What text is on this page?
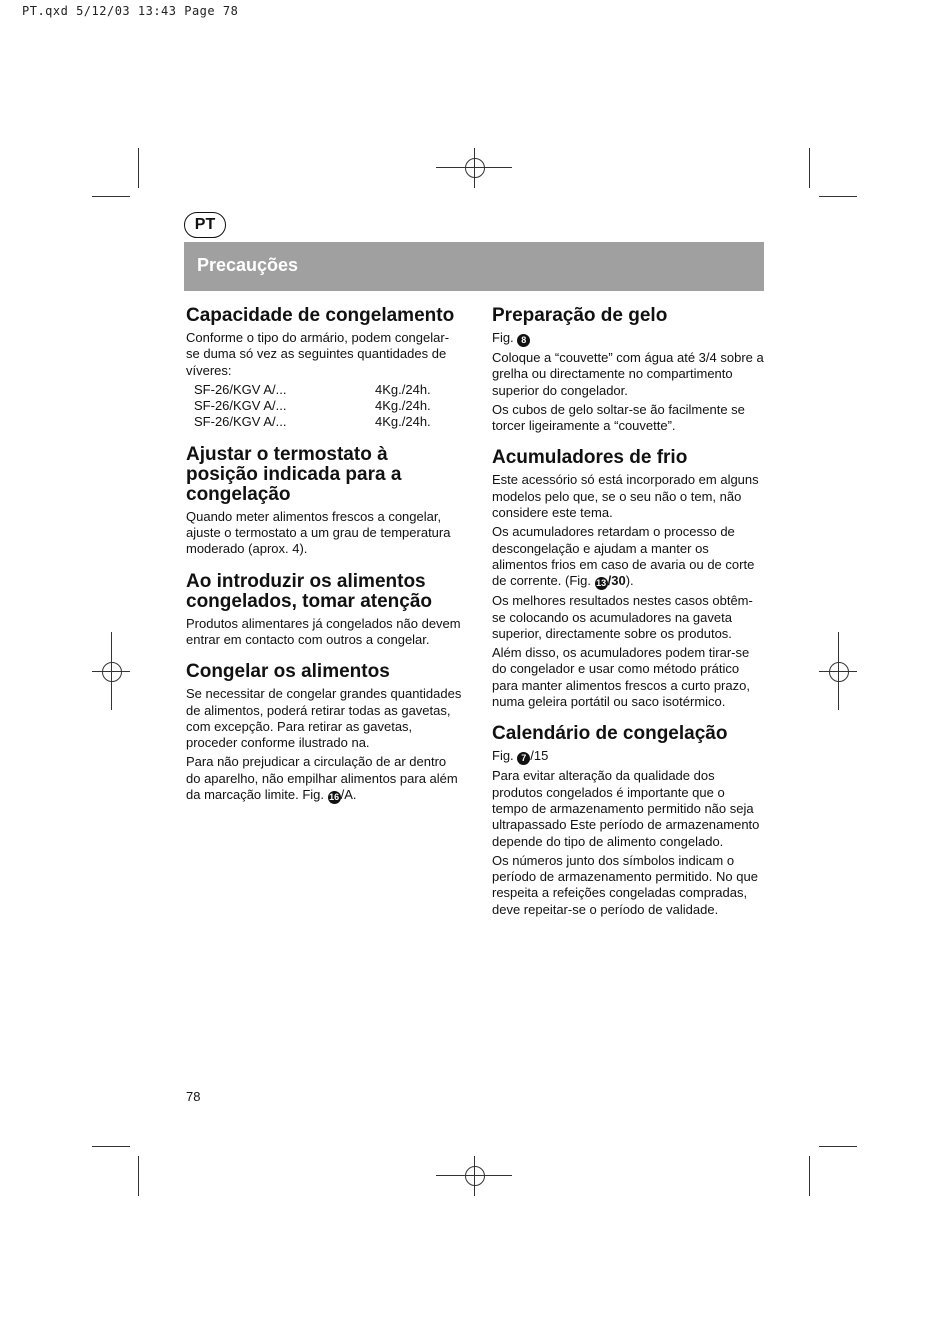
PT.qxd 5/12/03 13:43 Page 78
PT
Precauções
Capacidade de congelamento

Conforme o tipo do armário, podem congelar-se duma só vez as seguintes quantidades de víveres:

SF-26/KGV A/...	4Kg./24h.
SF-26/KGV A/...	4Kg./24h.
SF-26/KGV A/...	4Kg./24h.
Ajustar o termostato à posição indicada para a congelação

Quando meter alimentos frescos a congelar, ajuste o termostato a um grau de temperatura moderado (aprox. 4).

Ao introduzir os alimentos congelados, tomar atenção

Produtos alimentares já congelados não devem entrar em contacto com outros a congelar.

Congelar os alimentos

Se necessitar de congelar grandes quantidades de alimentos, poderá retirar todas as gavetas, com excepção. Para retirar as gavetas, proceder conforme ilustrado na.

Para não prejudicar a circulação de ar dentro do aparelho, não empilhar alimentos para além da marcação limite. Fig. 16 /A.

Preparação de gelo

Fig. 8

Coloque a “couvette” com água até 3/4 sobre a grelha ou directamente no compartimento superior do congelador.

Os cubos de gelo soltar-se ão facilmente se torcer ligeiramente a “couvette”.

Acumuladores de frio

Este acessório só está incorporado em alguns modelos pelo que, se o seu não o tem, não considere este tema.

Os acumuladores retardam o processo de descongelação e ajudam a manter os alimentos frios em caso de avaria ou de corte de corrente. (Fig. 13 /30).

Os melhores resultados nestes casos obtêm-se colocando os acumuladores na gaveta superior, directamente sobre os produtos.

Além disso, os acumuladores podem tirar-se do congelador e usar como método prático para manter alimentos frescos a curto prazo, numa geleira portátil ou saco isotérmico.

Calendário de congelação

Fig. 7 /15

Para evitar alteração da qualidade dos produtos congelados é importante que o tempo de armazenamento permitido não seja ultrapassado Este período de armazenamento depende do tipo de alimento congelado.

Os números junto dos símbolos indicam o período de armazenamento permitido. No que respeita a refeições congeladas compradas, deve repeitar-se o período de validade.

78
